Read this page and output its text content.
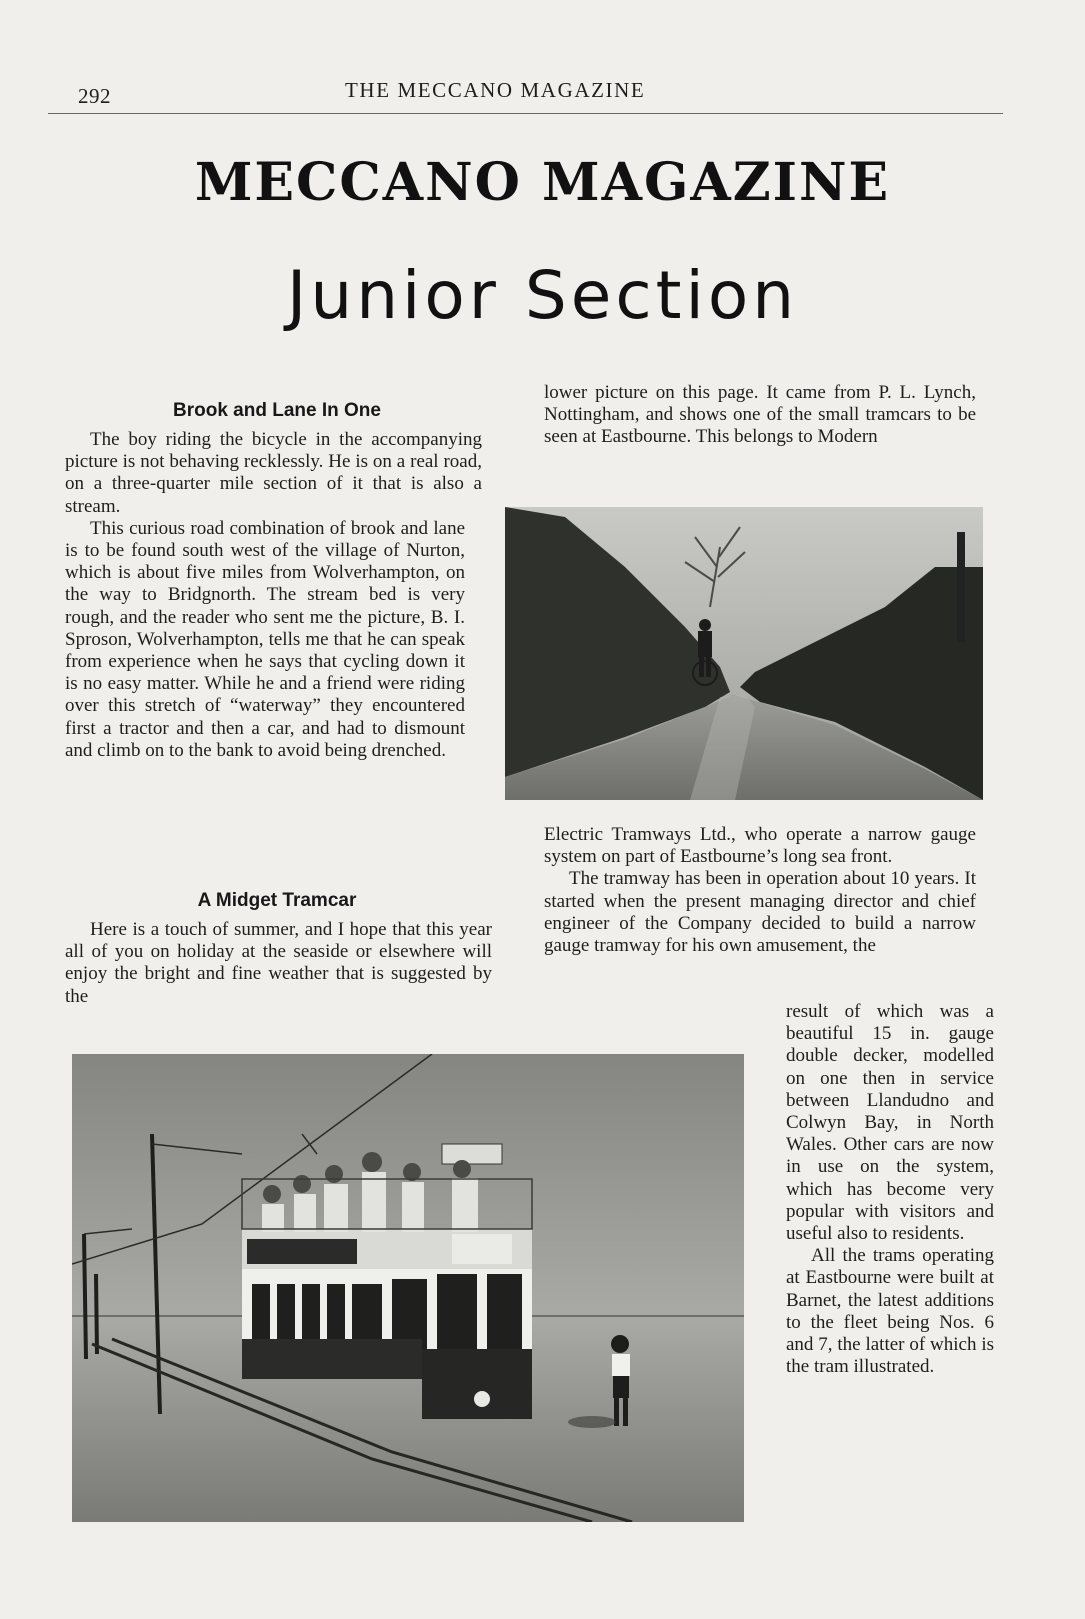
292	THE MECCANO MAGAZINE
MECCANO MAGAZINE
Junior Section
Brook and Lane In One

The boy riding the bicycle in the accompanying picture is not behaving recklessly. He is on a real road, on a three-quarter mile section of it that is also a stream.

This curious road combination of brook and lane is to be found south west of the village of Nurton, which is about five miles from Wolverhampton, on the way to Bridgnorth. The stream bed is very rough, and the reader who sent me the picture, B. I. Sproson, Wolverhampton, tells me that he can speak from experience when he says that cycling down it is no easy matter. While he and a friend were riding over this stretch of “waterway” they encountered first a tractor and then a car, and had to dismount and climb on to the bank to avoid being drenched.

A Midget Tramcar

Here is a touch of summer, and I hope that this year all of you on holiday at the seaside or elsewhere will enjoy the bright and fine weather that is suggested by the

lower picture on this page. It came from P. L. Lynch, Nottingham, and shows one of the small tramcars to be seen at Eastbourne. This belongs to Modern

Electric Tramways Ltd., who operate a narrow gauge system on part of Eastbourne’s long sea front.

The tramway has been in operation about 10 years. It started when the present managing director and chief engineer of the Company decided to build a narrow gauge tramway for his own amusement, the

result of which was a beautiful 15 in. gauge double decker, modelled on one then in service between Llandudno and Colwyn Bay, in North Wales. Other cars are now in use on the system, which has become very popular with visitors and useful also to residents.

All the trams operating at Eastbourne were built at Barnet, the latest additions to the fleet being Nos. 6 and 7, the latter of which is the tram illustrated.
